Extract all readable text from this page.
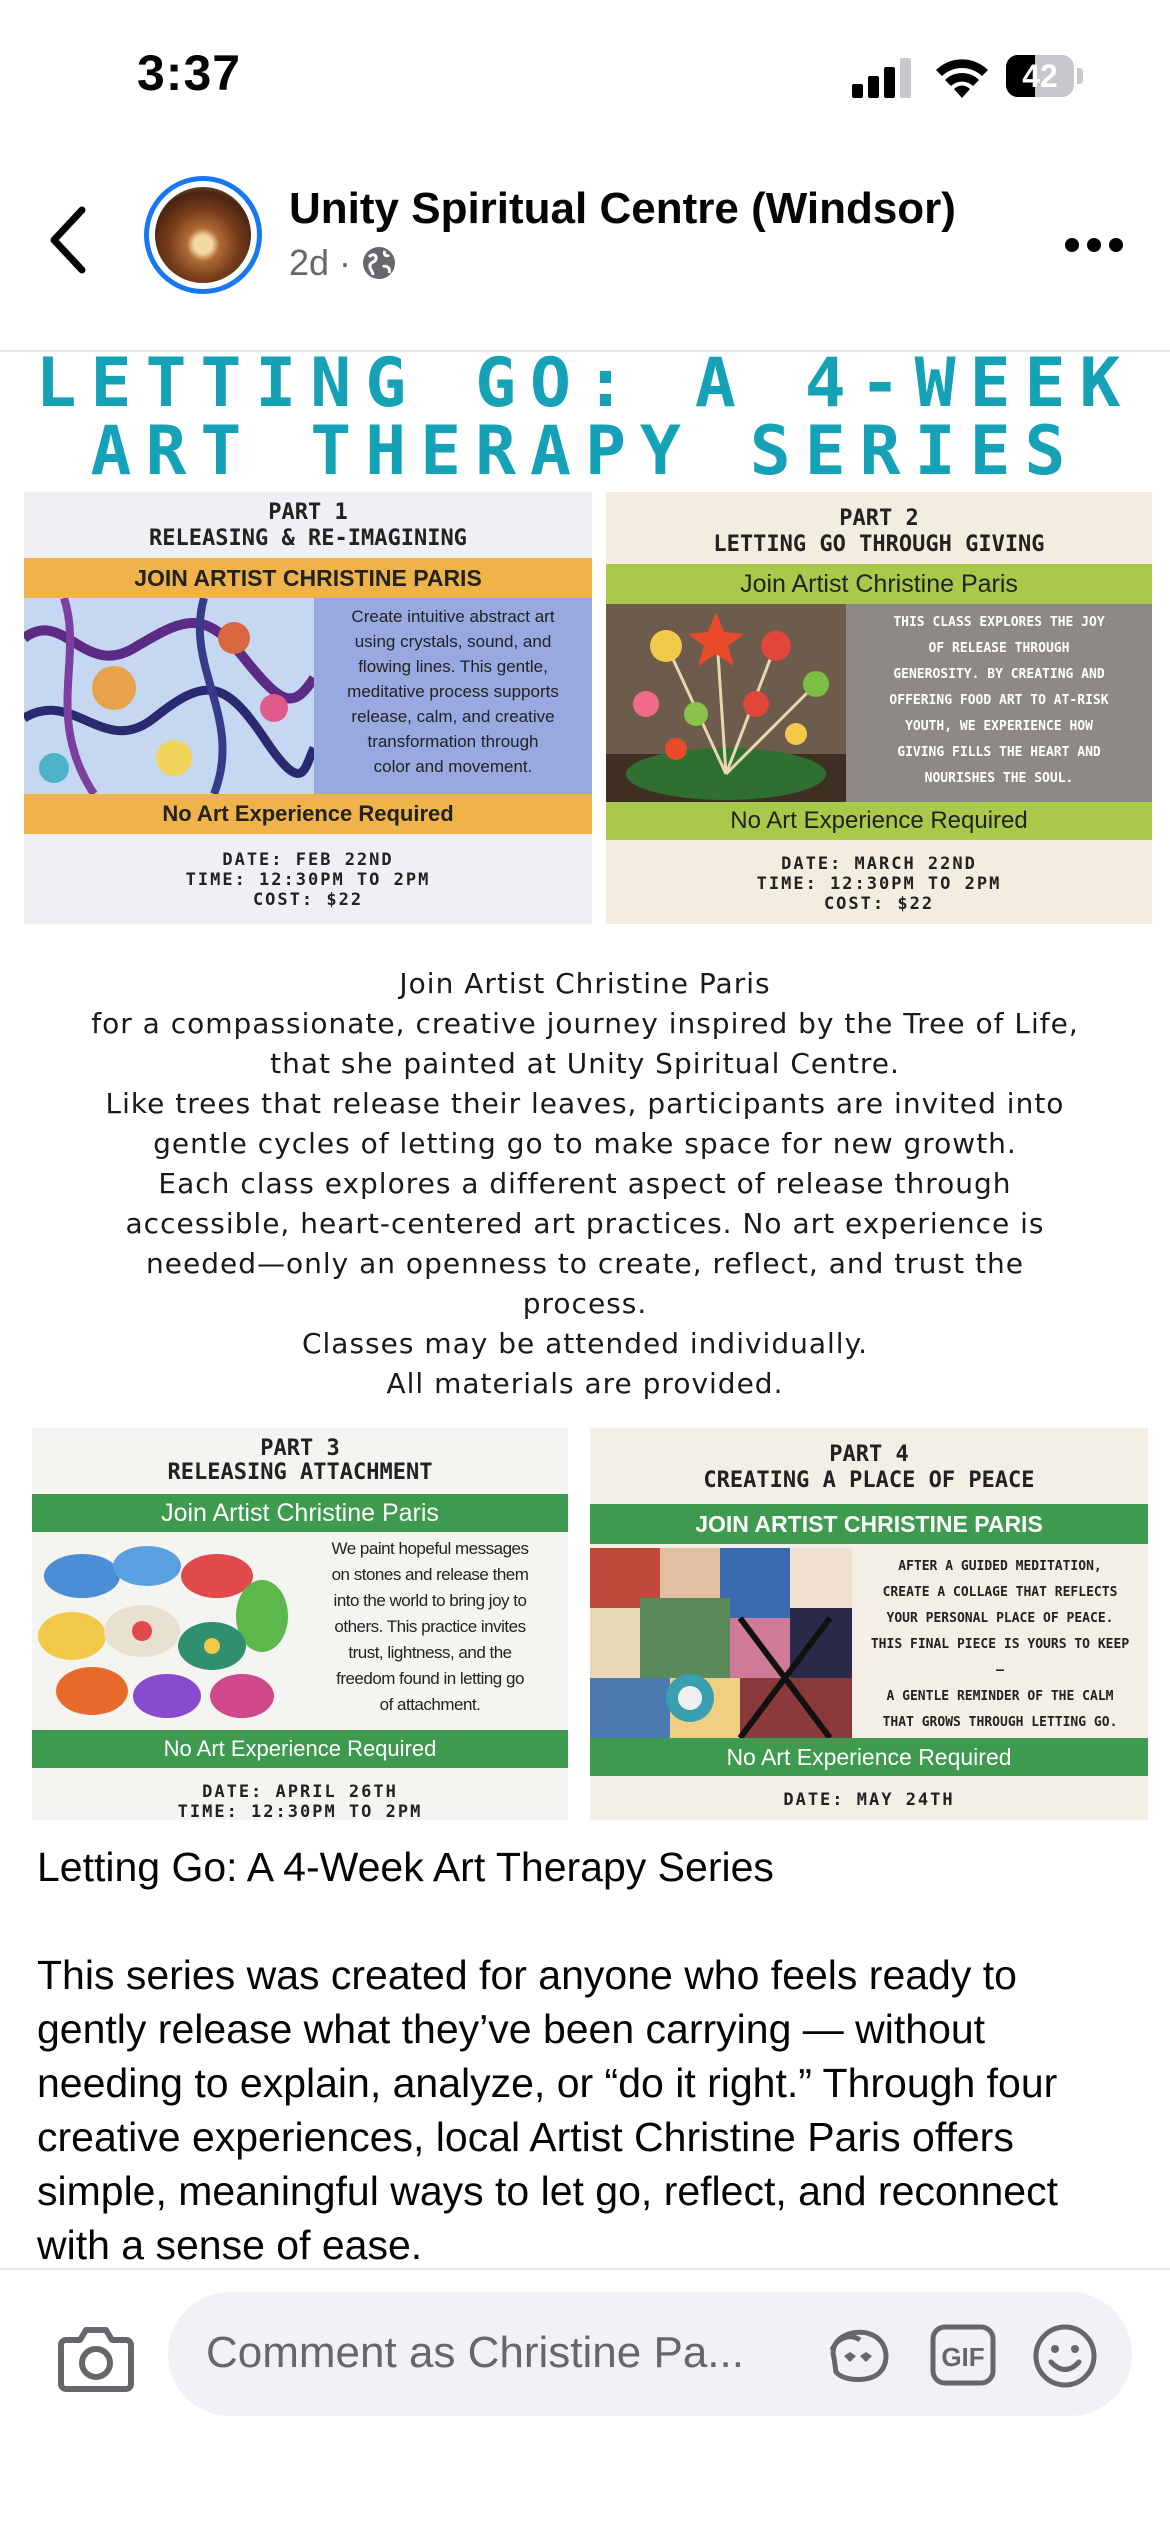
3:37	42
Unity Spiritual Centre (Windsor)
2d ·
LETTING GO: A 4-WEEK
ART THERAPY SERIES
PART 1
RELEASING & RE-IMAGINING
JOIN ARTIST CHRISTINE PARIS
Create intuitive abstract art
using crystals, sound, and
flowing lines. This gentle,
meditative process supports
release, calm, and creative
transformation through
color and movement.
No Art Experience Required
DATE: FEB 22ND
TIME: 12:30PM TO 2PM
COST: $22
PART 2
LETTING GO THROUGH GIVING
Join Artist Christine Paris
THIS CLASS EXPLORES THE JOY
OF RELEASE THROUGH
GENEROSITY. BY CREATING AND
OFFERING FOOD ART TO AT-RISK
YOUTH, WE EXPERIENCE HOW
GIVING FILLS THE HEART AND
NOURISHES THE SOUL.
No Art Experience Required
DATE: MARCH 22ND
TIME: 12:30PM TO 2PM
COST: $22
Join Artist Christine Paris
for a compassionate, creative journey inspired by the Tree of Life,
that she painted at Unity Spiritual Centre.
Like trees that release their leaves, participants are invited into
gentle cycles of letting go to make space for new growth.
Each class explores a different aspect of release through
accessible, heart-centered art practices. No art experience is
needed—only an openness to create, reflect, and trust the
process.
Classes may be attended individually.
All materials are provided.
PART 3
RELEASING ATTACHMENT
Join Artist Christine Paris
We paint hopeful messages
on stones and release them
into the world to bring joy to
others. This practice invites
trust, lightness, and the
freedom found in letting go
of attachment.
No Art Experience Required
DATE: APRIL 26TH
TIME: 12:30PM TO 2PM
PART 4
CREATING A PLACE OF PEACE
JOIN ARTIST CHRISTINE PARIS
AFTER A GUIDED MEDITATION,
CREATE A COLLAGE THAT REFLECTS
YOUR PERSONAL PLACE OF PEACE.
THIS FINAL PIECE IS YOURS TO KEEP
–
A GENTLE REMINDER OF THE CALM
THAT GROWS THROUGH LETTING GO.
No Art Experience Required
DATE: MAY 24TH

Letting Go: A 4-Week Art Therapy Series

This series was created for anyone who feels ready to gently release what they’ve been carrying — without needing to explain, analyze, or “do it right.” Through four creative experiences, local Artist Christine Paris offers simple, meaningful ways to let go, reflect, and reconnect with a sense of ease.

Comment as Christine Pa...	GIF
